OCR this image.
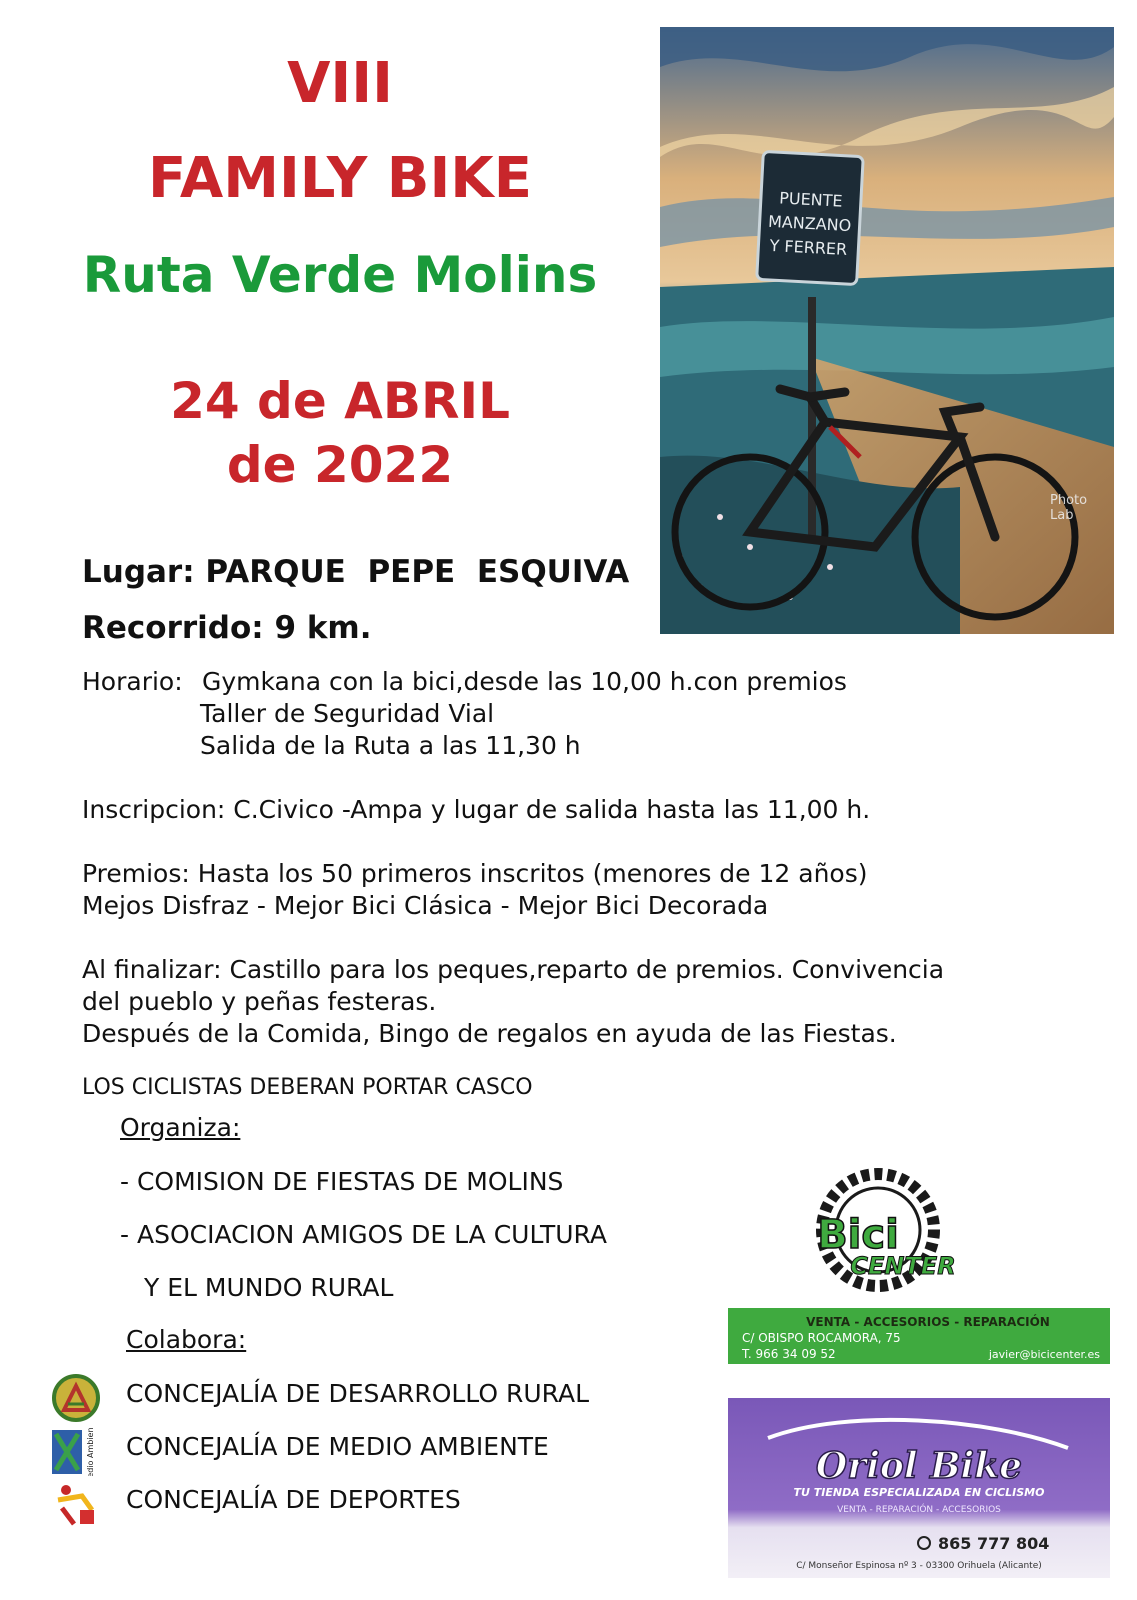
VIII
FAMILY BIKE
Ruta Verde Molins
24 de ABRIL
de 2022
PUENTE
MANZANO
Y FERRER
Photo
Lab
Lugar: PARQUE  PEPE  ESQUIVA
Recorrido: 9 km.
Horario: Gymkana con la bici,desde las 10,00 h.con premios
Taller de Seguridad Vial
Salida de la Ruta a las 11,30 h
Inscripcion: C.Civico -Ampa y lugar de salida hasta las 11,00 h.
Premios: Hasta los 50 primeros inscritos (menores de 12 años)
Mejos Disfraz - Mejor Bici Clásica - Mejor Bici Decorada
Al finalizar: Castillo para los peques,reparto de premios. Convivencia
del pueblo y peñas festeras.
Después de la Comida, Bingo de regalos en ayuda de las Fiestas.
LOS CICLISTAS DEBERAN PORTAR CASCO
Organiza:
- COMISION DE FIESTAS DE MOLINS
- ASOCIACION AMIGOS DE LA CULTURA
Y EL MUNDO RURAL
Colabora:
CONCEJALÍA DE DESARROLLO RURAL
Medio Ambiente CONCEJALÍA DE MEDIO AMBIENTE
CONCEJALÍA DE DEPORTES
Bici
CENTER
VENTA - ACCESORIOS - REPARACIÓN
C/ OBISPO ROCAMORA, 75
T. 966 34 09 52	javier@bicicenter.es
Oriol Bike
TU TIENDA ESPECIALIZADA EN CICLISMO
VENTA - REPARACIÓN - ACCESORIOS
865 777 804
C/ Monseñor Espinosa nº 3 - 03300 Orihuela (Alicante)
